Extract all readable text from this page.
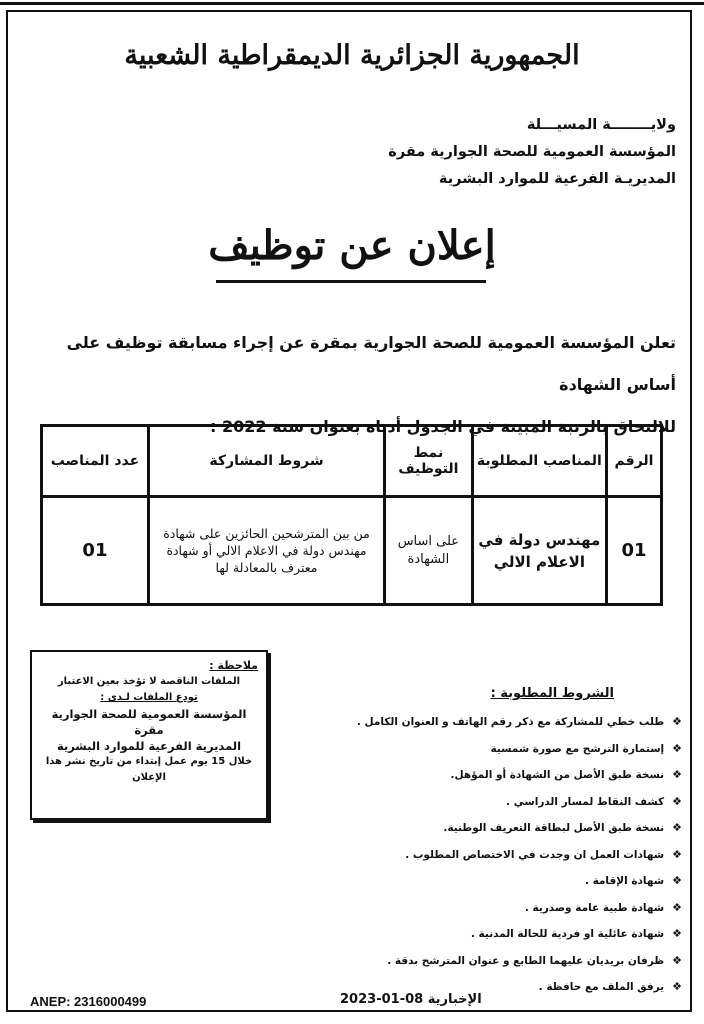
الجمهورية الجزائرية الديمقراطية الشعبية
ولايــــــــة المسيـــلة
المؤسسة العمومية للصحة الجوارية مقرة
المديريـة الفرعية للموارد البشرية
إعلان عن توظيف
تعلن المؤسسة العمومية للصحة الجوارية بمقرة عن إجراء مسابقة توظيف على أساس الشهادة
للالتحاق بالرتبة المبينة في الجدول أدناه بعنوان سنة 2022 :
الرقم	المناصب المطلوبة	نمط التوظيف	شروط المشاركة	عدد المناصب
01	مهندس دولة في الاعلام الالي	على اساس الشهادة	من بين المترشحين الحائزين على شهادة مهندس دولة في الاعلام الالي أو شهادة معترف بالمعادلة لها	01
ملاحظة :
الملفات الناقصة لا تؤخذ بعين الاعتبار
تودع الملفات لـدى :
المؤسسة العمومية للصحة الجوارية مقرة
المديرية الفرعية للموارد البشرية
خلال 15 يوم عمل إبتداء من تاريخ نشر هذا الإعلان
الشروط المطلوبة :
❖طلب خطي للمشاركة مع ذكر رقم الهاتف و العنوان الكامل .
❖إستمارة الترشح مع صورة شمسية
❖نسخة طبق الأصل من الشهادة أو المؤهل.
❖كشف النقاط لمسار الدراسي .
❖نسخة طبق الأصل لبطاقة التعريف الوطنية.
❖شهادات العمل ان وجدت في الاختصاص المطلوب .
❖شهادة الإقامة .
❖شهادة طبية عامة وصدرية .
❖شهادة عائلية او فردية للحالة المدنية .
❖ظرفان بريديان عليهما الطابع و عنوان المترشح بدقة .
❖يرفق الملف مع حافظة .
ANEP: 2316000499	الإخبارية 08-01-2023
